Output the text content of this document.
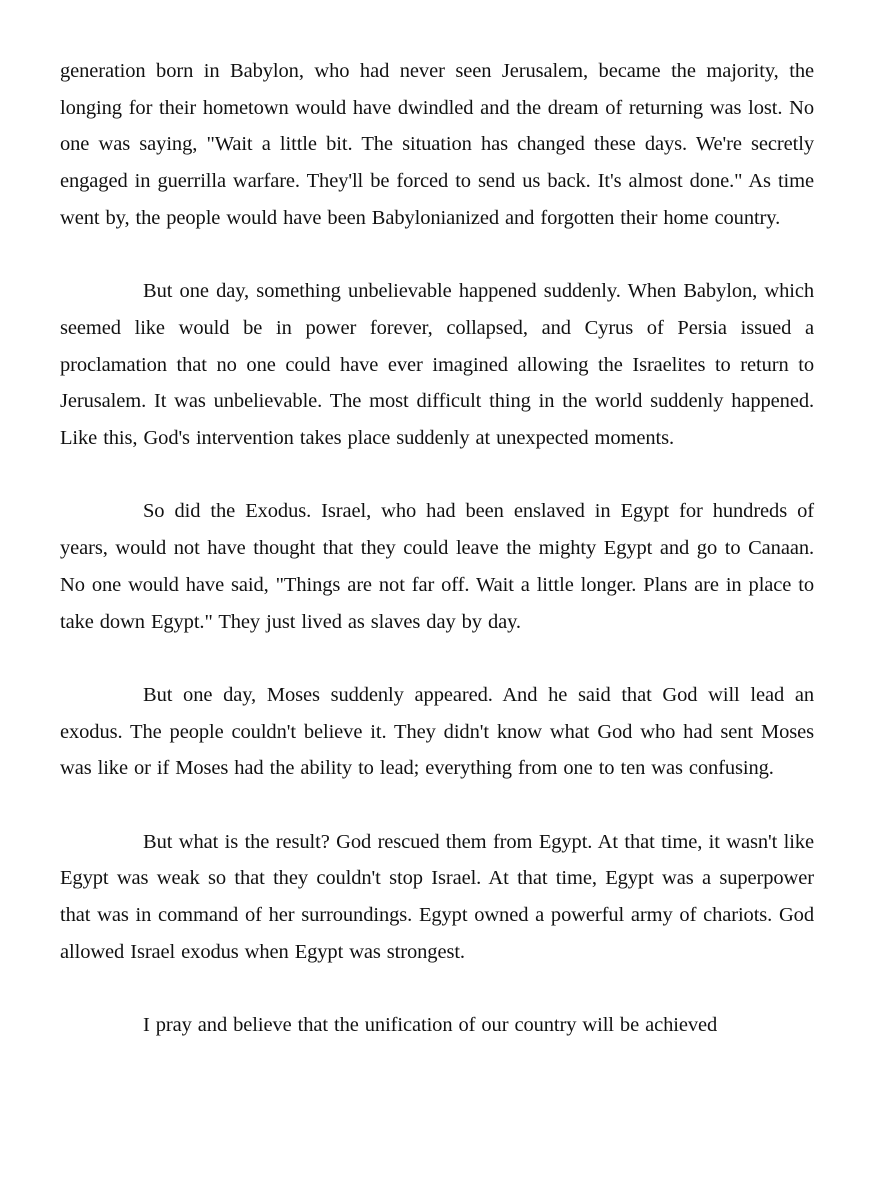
generation born in Babylon, who had never seen Jerusalem, became the majority, the longing for their hometown would have dwindled and the dream of returning was lost. No one was saying, "Wait a little bit. The situation has changed these days. We're secretly engaged in guerrilla warfare. They'll be forced to send us back. It's almost done." As time went by, the people would have been Babylonianized and forgotten their home country.

But one day, something unbelievable happened suddenly. When Babylon, which seemed like would be in power forever, collapsed, and Cyrus of Persia issued a proclamation that no one could have ever imagined allowing the Israelites to return to Jerusalem. It was unbelievable. The most difficult thing in the world suddenly happened. Like this, God's intervention takes place suddenly at unexpected moments.

So did the Exodus. Israel, who had been enslaved in Egypt for hundreds of years, would not have thought that they could leave the mighty Egypt and go to Canaan. No one would have said, "Things are not far off. Wait a little longer. Plans are in place to take down Egypt." They just lived as slaves day by day.

But one day, Moses suddenly appeared. And he said that God will lead an exodus. The people couldn't believe it. They didn't know what God who had sent Moses was like or if Moses had the ability to lead; everything from one to ten was confusing.

But what is the result? God rescued them from Egypt. At that time, it wasn't like Egypt was weak so that they couldn't stop Israel. At that time, Egypt was a superpower that was in command of her surroundings. Egypt owned a powerful army of chariots. God allowed Israel exodus when Egypt was strongest.

I pray and believe that the unification of our country will be achieved
